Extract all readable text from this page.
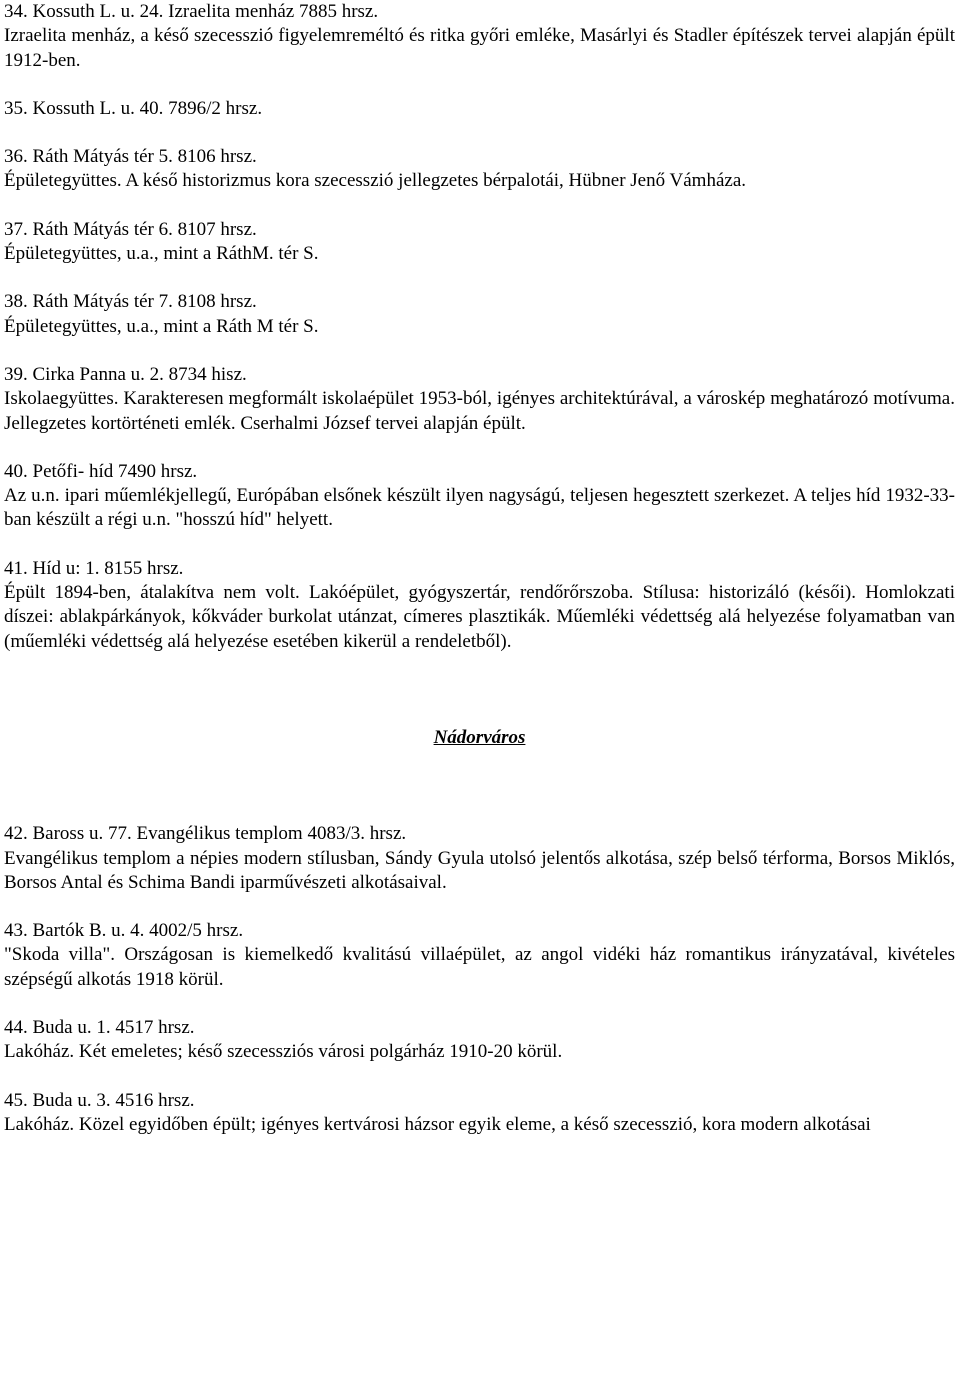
34. Kossuth L. u. 24. Izraelita menház 7885 hrsz.
Izraelita menház, a késő szecesszió figyelemreméltó és ritka győri emléke, Masárlyi és Stadler építészek tervei alapján épült 1912-ben.
35. Kossuth L. u. 40. 7896/2 hrsz.
36. Ráth Mátyás tér 5. 8106 hrsz.
Épületegyüttes. A késő historizmus kora szecesszió jellegzetes bérpalotái, Hübner Jenő Vámháza.
37. Ráth Mátyás tér 6. 8107 hrsz.
Épületegyüttes, u.a., mint a RáthM. tér S.
38. Ráth Mátyás tér 7. 8108 hrsz.
Épületegyüttes, u.a., mint a Ráth M tér S.
39. Cirka Panna u. 2. 8734 hisz.
Iskolaegyüttes. Karakteresen megformált iskolaépület 1953-ból, igényes architektúrával, a városkép meghatározó motívuma. Jellegzetes kortörténeti emlék. Cserhalmi József tervei alapján épült.
40. Petőfi- híd 7490 hrsz.
Az u.n. ipari műemlékjellegű, Európában elsőnek készült ilyen nagyságú, teljesen hegesztett szerkezet. A teljes híd 1932-33-ban készült a régi u.n. "hosszú híd" helyett.
41. Híd u: 1. 8155 hrsz.
Épült 1894-ben, átalakítva nem volt. Lakóépület, gyógyszertár, rendőrőrszoba. Stílusa: historizáló (késői). Homlokzati díszei: ablakpárkányok, kőkváder burkolat utánzat, címeres plasztikák. Műemléki védettség alá helyezése folyamatban van (műemléki védettség alá helyezése esetében kikerül a rendeletből).
Nádorváros
42. Baross u. 77. Evangélikus templom 4083/3. hrsz.
Evangélikus templom a népies modern stílusban, Sándy Gyula utolsó jelentős alkotása, szép belső térforma, Borsos Miklós, Borsos Antal és Schima Bandi iparművészeti alkotásaival.
43. Bartók B. u. 4. 4002/5 hrsz.
"Skoda villa". Országosan is kiemelkedő kvalitású villaépület, az angol vidéki ház romantikus irányzatával, kivételes szépségű alkotás 1918 körül.
44. Buda u. 1. 4517 hrsz.
Lakóház. Két emeletes; késő szecessziós városi polgárház 1910-20 körül.
45. Buda u. 3. 4516 hrsz.
Lakóház. Közel egyidőben épült; igényes kertvárosi házsor egyik eleme, a késő szecesszió, kora modern alkotásai
